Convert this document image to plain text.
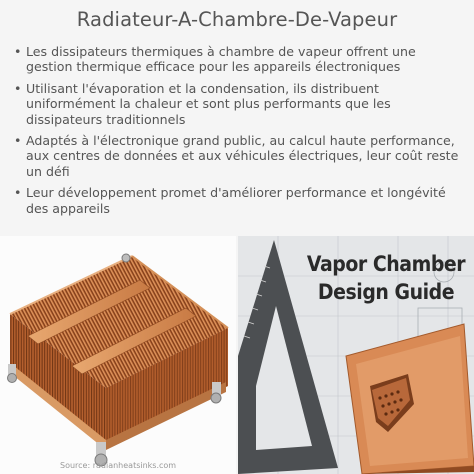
Radiateur-A-Chambre-De-Vapeur
• Les dissipateurs thermiques à chambre de vapeur offrent une gestion thermique efficace pour les appareils électroniques
• Utilisant l'évaporation et la condensation, ils distribuent uniformément la chaleur et sont plus performants que les dissipateurs traditionnels
• Adaptés à l'électronique grand public, au calcul haute performance, aux centres de données et aux véhicules électriques, leur coût reste un défi
• Leur développement promet d'améliorer performance et longévité des appareils
Vapor Chamber
Design Guide
Source: radianheatsinks.com
